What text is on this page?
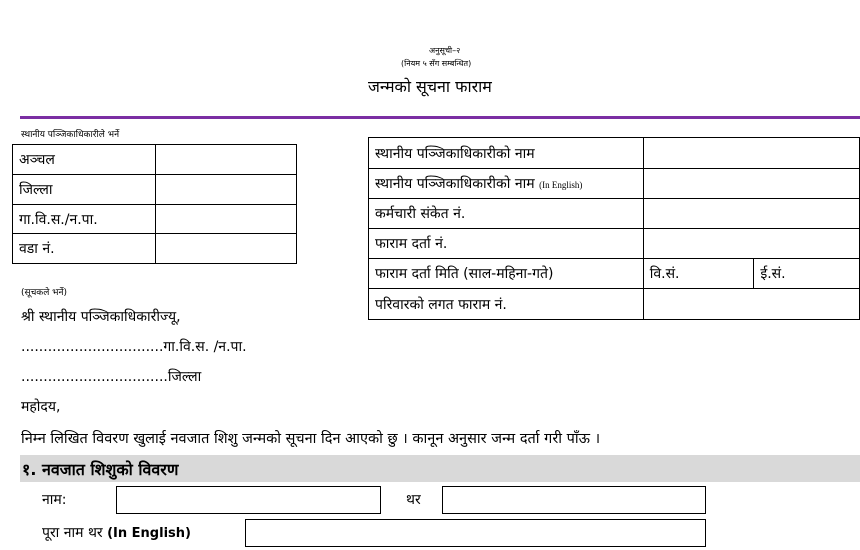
अनुसूची–२
(नियम ५ सँग सम्बन्धित)
जन्मको सूचना फाराम
स्थानीय पञ्जिकाधिकारीले भर्ने
अञ्चल	
जिल्ला	
गा.वि.स./न.पा.	
वडा नं.	
स्थानीय पञ्जिकाधिकारीको नाम		
स्थानीय पञ्जिकाधिकारीको नाम (In English)		
कर्मचारी संकेत नं.		
फाराम दर्ता नं.		
फाराम दर्ता मिति (साल-महिना-गते)	वि.सं.	ई.सं.
परिवारको लगत फाराम नं.		
(सूचकले भर्ने)
श्री स्थानीय पञ्जिकाधिकारीज्यू,
................................गा.वि.स. /न.पा.
.................................जिल्ला
महोदय,
निम्न लिखित विवरण खुलाई नवजात शिशु जन्मको सूचना दिन आएको छु । कानून अनुसार जन्म दर्ता गरी पाँऊ ।
१. नवजात शिशुको विवरण
नाम:	थर
पूरा नाम थर (In English)
